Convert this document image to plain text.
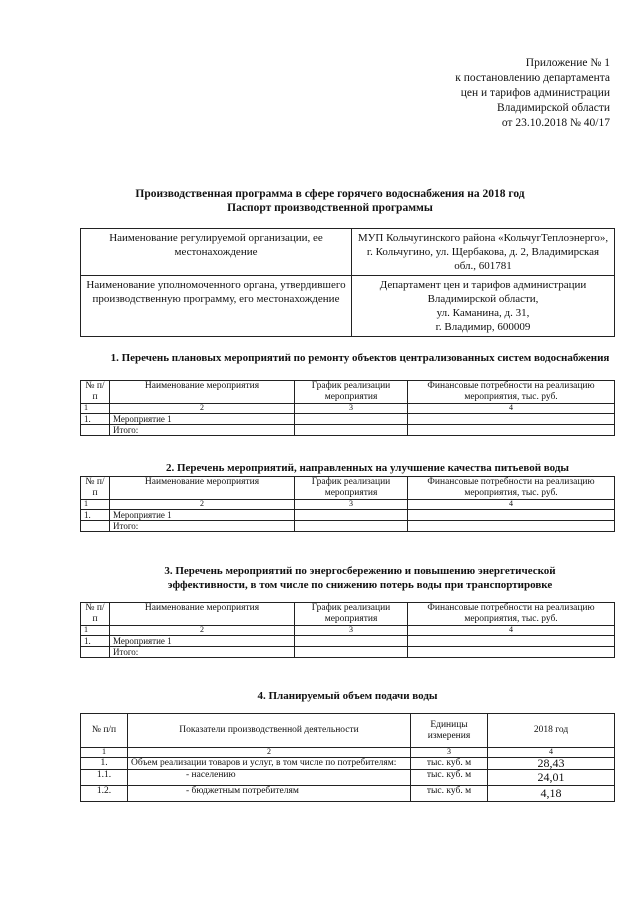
Приложение № 1
к постановлению департамента
цен и тарифов администрации
Владимирской области
от 23.10.2018 № 40/17
Производственная программа в сфере горячего водоснабжения на 2018 год
Паспорт производственной программы
Наименование регулируемой организации, ее местонахождение	МУП Кольчугинского района «КольчугТеплоэнерго», г. Кольчугино, ул. Щербакова, д. 2, Владимирская обл., 601781
Наименование уполномоченного органа, утвердившего производственную программу, его местонахождение	Департамент цен и тарифов администрации
Владимирской области,
ул. Каманина, д. 31,
г. Владимир, 600009
1. Перечень плановых мероприятий по ремонту объектов централизованных систем водоснабжения
№ п/п	Наименование мероприятия	График реализации мероприятия	Финансовые потребности на реализацию мероприятия, тыс. руб.
1	2	3	4
1.	Мероприятие 1		
	Итого:		
2. Перечень мероприятий, направленных на улучшение качества питьевой воды
№ п/п	Наименование мероприятия	График реализации мероприятия	Финансовые потребности на реализацию мероприятия, тыс. руб.
1	2	3	4
1.	Мероприятие 1		
	Итого:		
3. Перечень мероприятий по энергосбережению и повышению энергетической
эффективности, в том числе по снижению потерь воды при транспортировке
№ п/п	Наименование мероприятия	График реализации мероприятия	Финансовые потребности на реализацию мероприятия, тыс. руб.
1	2	3	4
1.	Мероприятие 1		
	Итого:		
4. Планируемый объем подачи воды
№ п/п	Показатели производственной деятельности	Единицы измерения	2018 год
1	2	3	4
1.	Объем реализации товаров и услуг, в том числе по потребителям:	тыс. куб. м	28,43
1.1.	- населению	тыс. куб. м	24,01
1.2.	- бюджетным потребителям	тыс. куб. м	4,18
